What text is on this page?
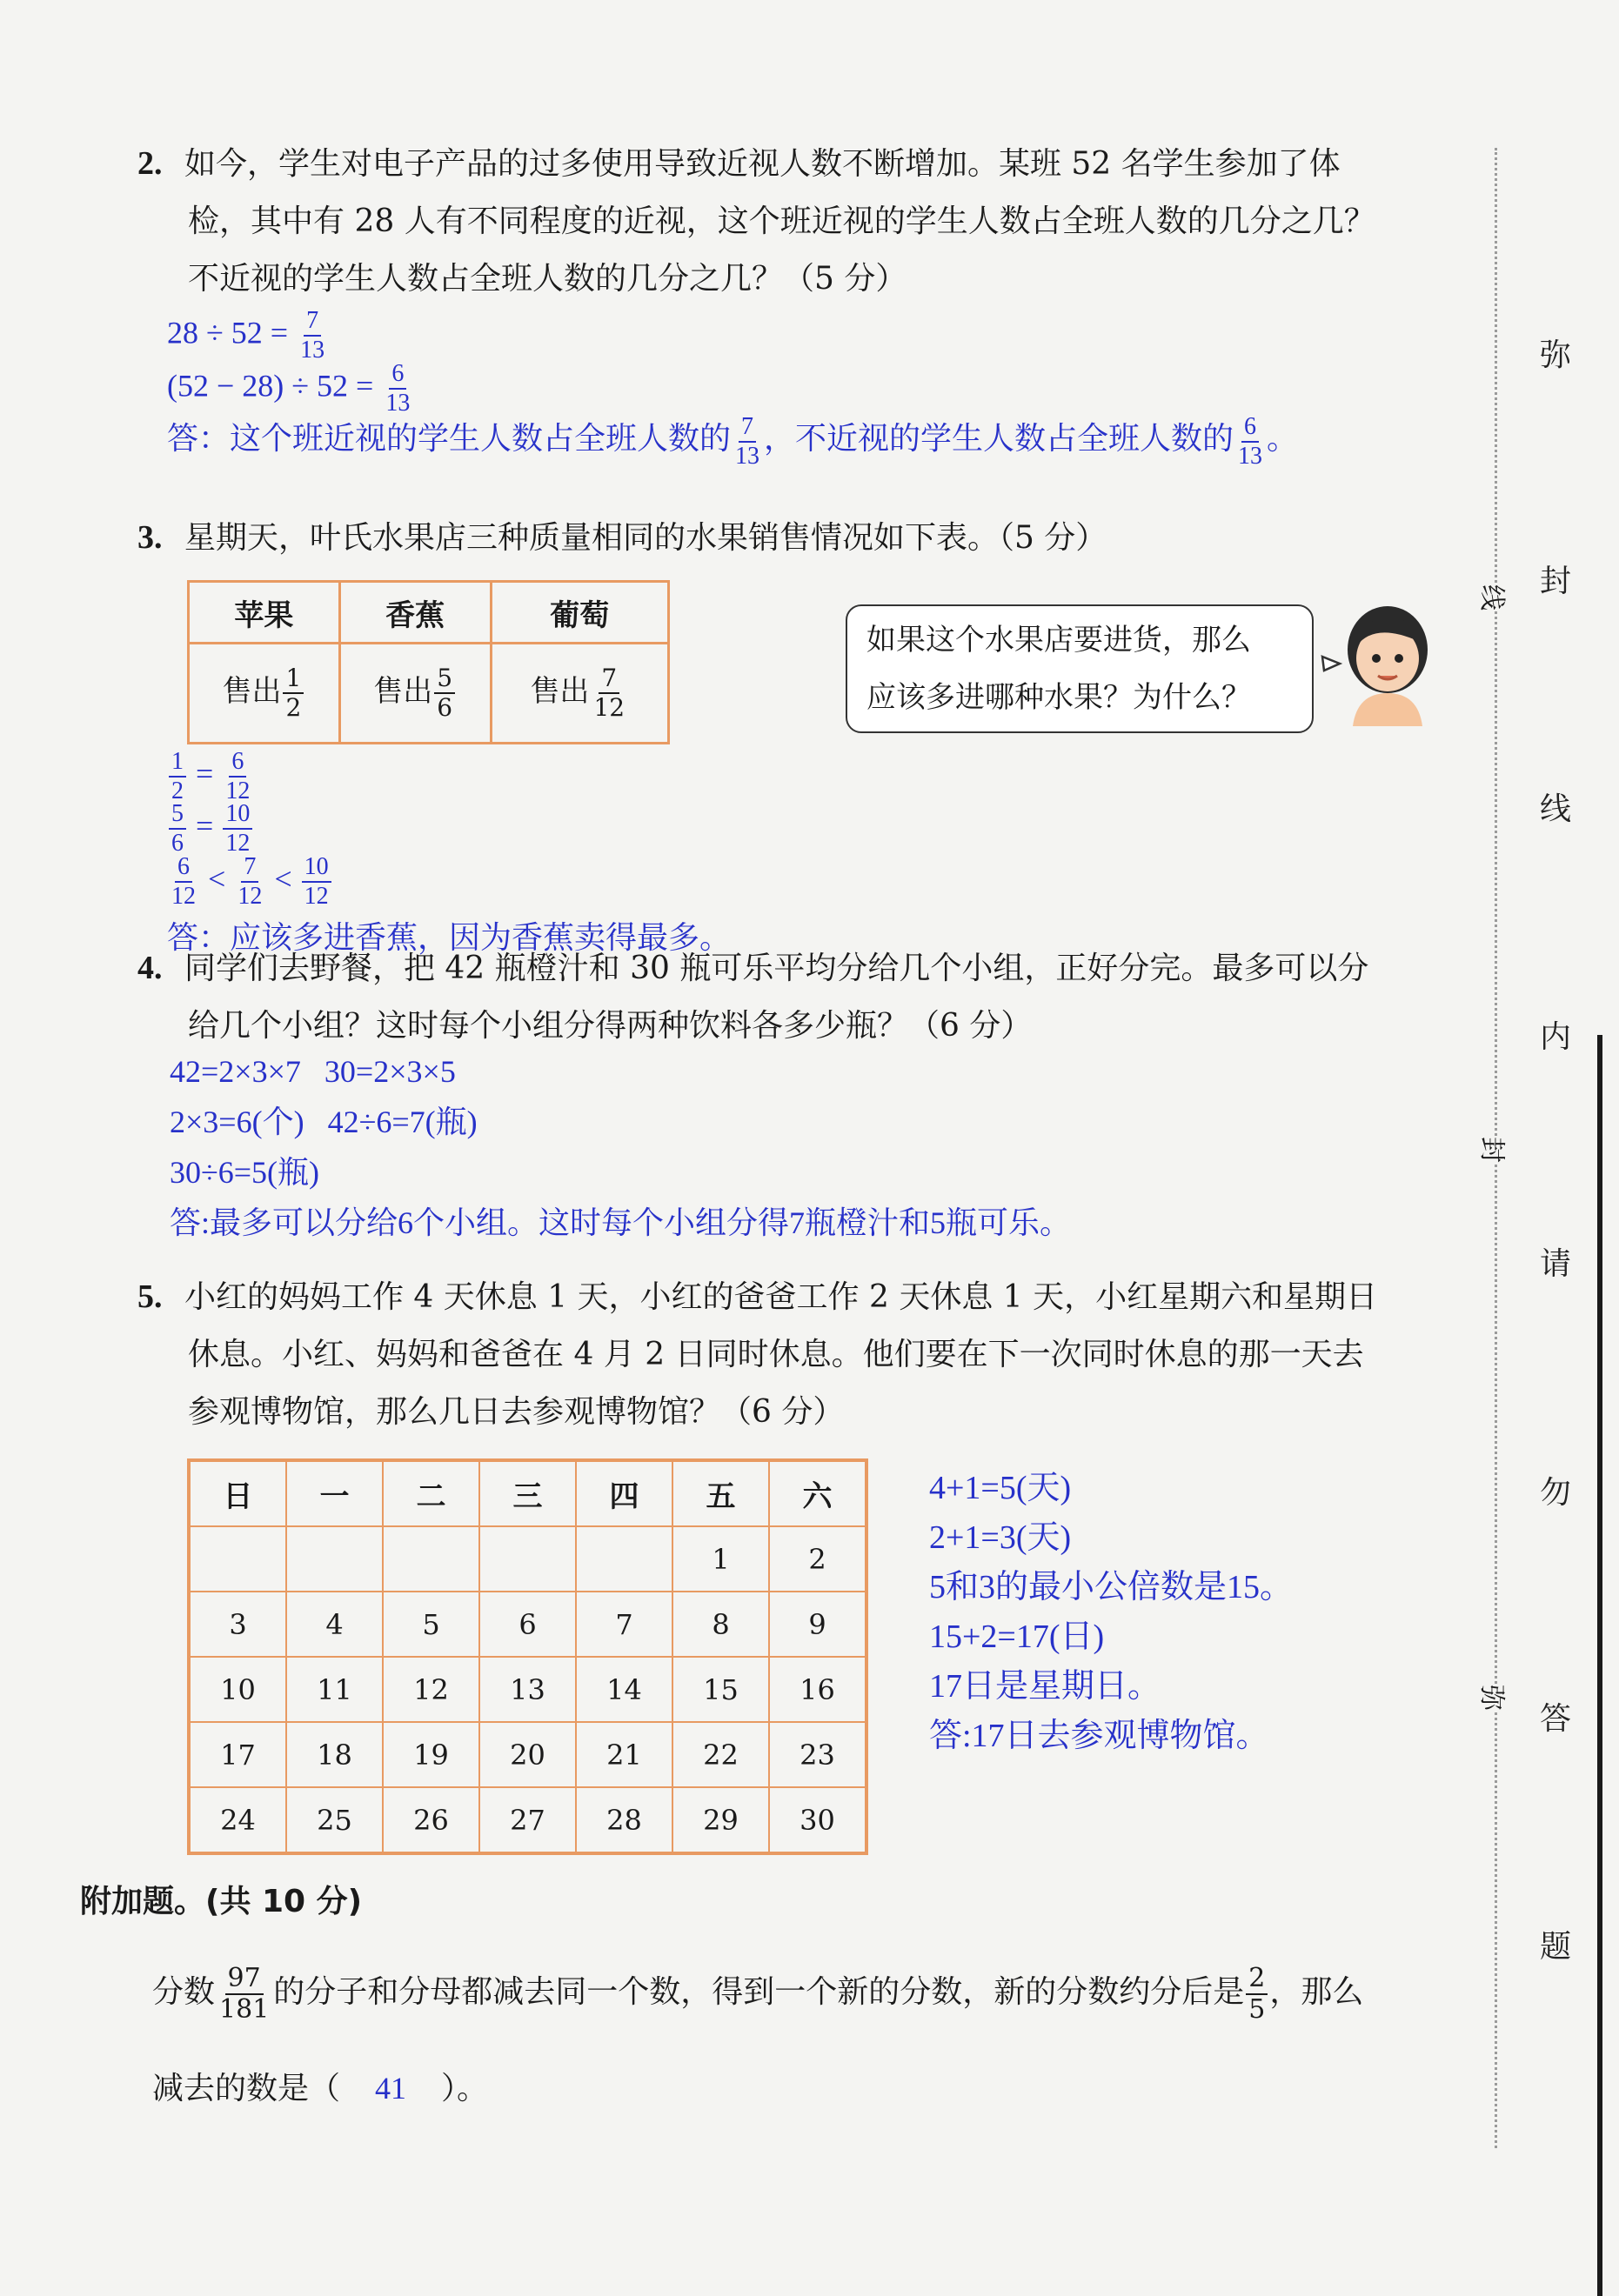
2. 如今，学生对电子产品的过多使用导致近视人数不断增加。某班 52 名学生参加了体
检，其中有 28 人有不同程度的近视，这个班近视的学生人数占全班人数的几分之几？
不近视的学生人数占全班人数的几分之几？（5 分）
$28 \div 52 = \frac{7}{13}$
$(52 - 28) \div 52 = \frac{6}{13}$
答：这个班近视的学生人数占全班人数的 $\frac{7}{13}$ ，不近视的学生人数占全班人数的 $\frac{6}{13}$ 。
3. 星期天，叶氏水果店三种质量相同的水果销售情况如下表。（5 分）
苹果	香蕉	葡萄
售出 $\frac{1}{2}$	售出 $\frac{5}{6}$	售出 $\frac{7}{12}$
如果这个水果店要进货，那么
应该多进哪种水果？为什么？
$\frac{1}{2} = \frac{6}{12}$
$\frac{5}{6} = \frac{10}{12}$
$\frac{6}{12} < \frac{7}{12} < \frac{10}{12}$
答：应该多进香蕉，因为香蕉卖得最多。
4. 同学们去野餐，把 42 瓶橙汁和 30 瓶可乐平均分给几个小组，正好分完。最多可以分
给几个小组？这时每个小组分得两种饮料各多少瓶？（6 分）
42=2×3×7   30=2×3×5
2×3=6(个)   42÷6=7(瓶)
30÷6=5(瓶)
答:最多可以分给6个小组。这时每个小组分得7瓶橙汁和5瓶可乐。
5. 小红的妈妈工作 4 天休息 1 天，小红的爸爸工作 2 天休息 1 天，小红星期六和星期日
休息。小红、妈妈和爸爸在 4 月 2 日同时休息。他们要在下一次同时休息的那一天去
参观博物馆，那么几日去参观博物馆？（6 分）
日	一	二	三	四	五	六
					1	2
3	4	5	6	7	8	9
10	11	12	13	14	15	16
17	18	19	20	21	22	23
24	25	26	27	28	29	30
4+1=5(天)
2+1=3(天)
5和3的最小公倍数是15。
15+2=17(日)
17日是星期日。
答:17日去参观博物馆。
附加题。(共 10 分)
分数 $\frac{97}{181}$ 的分子和分母都减去同一个数，得到一个新的分数，新的分数约分后是 $\frac{2}{5}$ ，那么
减去的数是（ 41 ）。
线
封
弥
弥
封
线
内
请
勿
答
题
